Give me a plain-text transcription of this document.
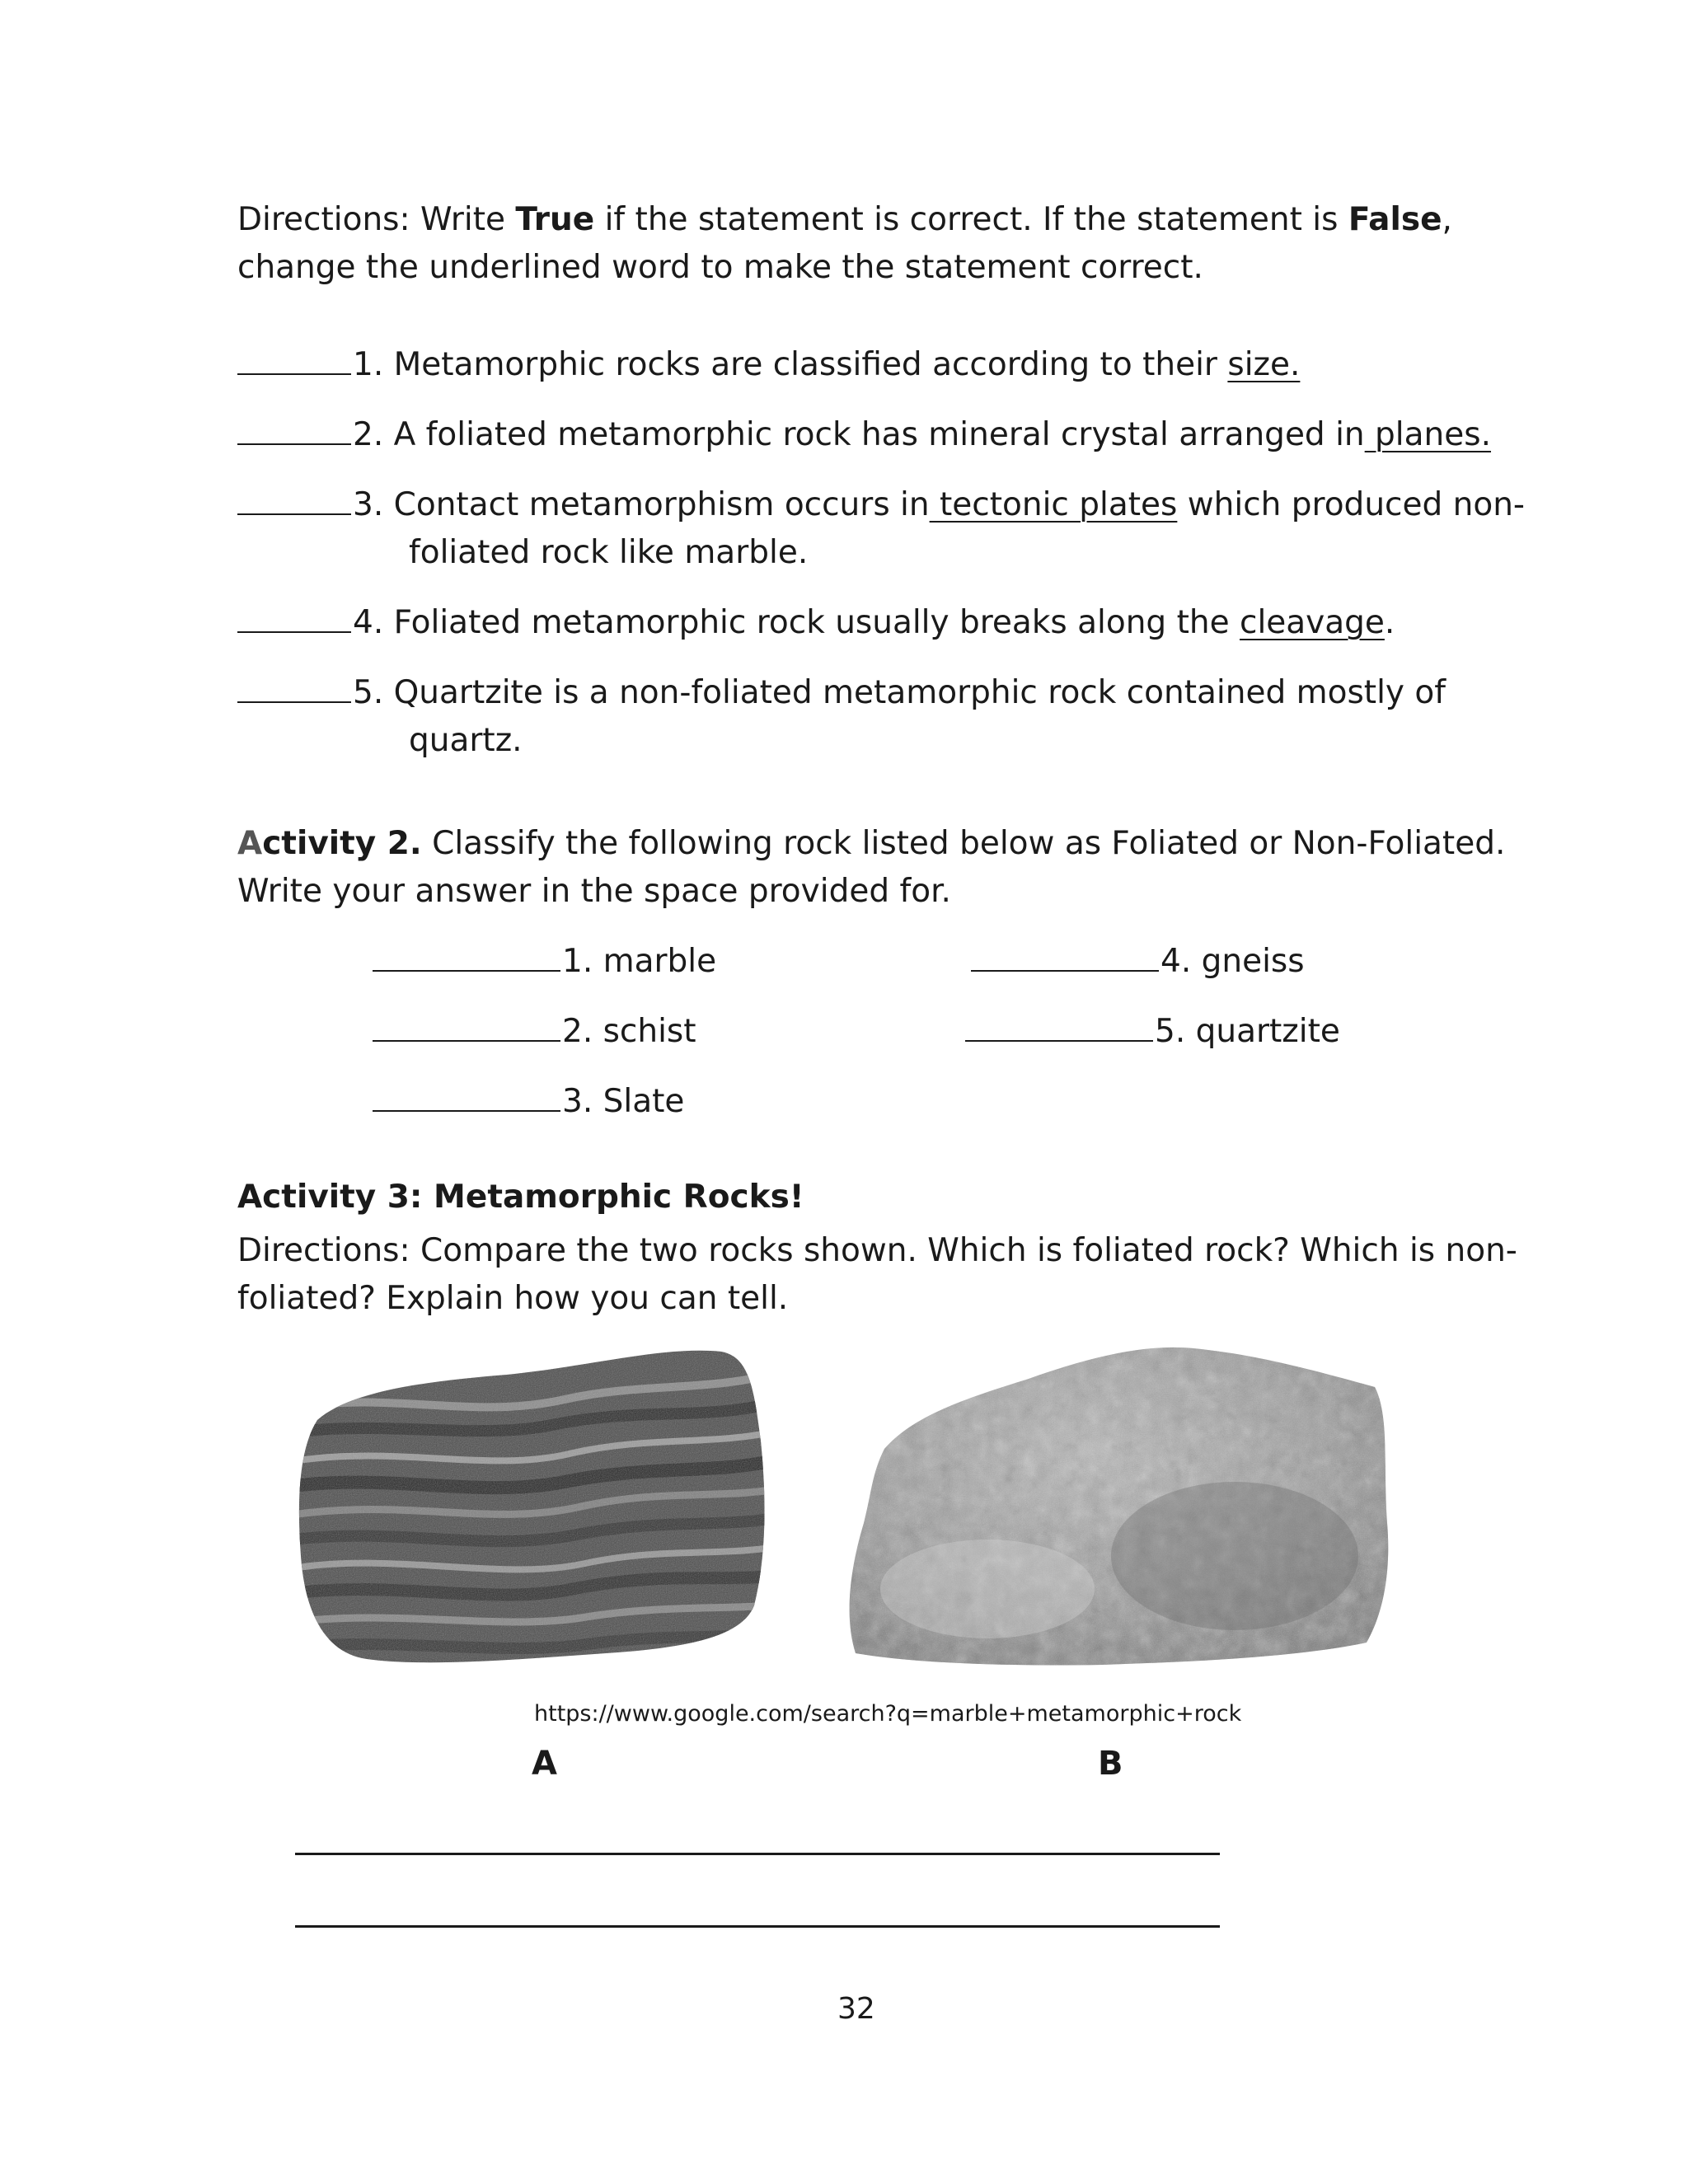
Directions: Write True if the statement is correct. If the statement is False,
change the underlined word to make the statement correct.
1. Metamorphic rocks are classified according to their size.
2. A foliated metamorphic rock has mineral crystal arranged in planes.
3. Contact metamorphism occurs in tectonic plates which produced non-
foliated rock like marble.
4. Foliated metamorphic rock usually breaks along the cleavage.
5. Quartzite is a non-foliated metamorphic rock contained mostly of
quartz.
Activity 2. Classify the following rock listed below as Foliated or Non-Foliated.
Write your answer in the space provided for.
1. marble
2. schist
3. Slate
4. gneiss
5. quartzite
Activity 3: Metamorphic Rocks!
Directions: Compare the two rocks shown. Which is foliated rock? Which is non-
foliated? Explain how you can tell.
https://www.google.com/search?q=marble+metamorphic+rock
A	B
32
